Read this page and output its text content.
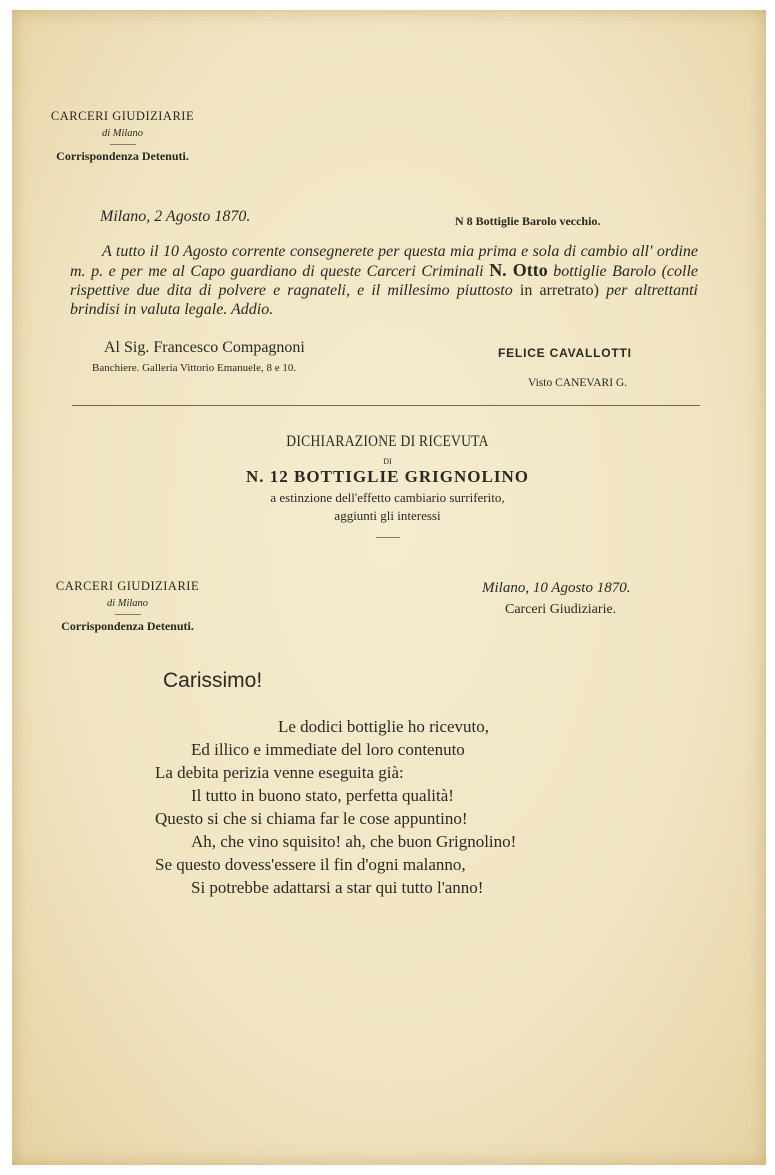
CARCERI GIUDIZIARIE
di Milano
Corrispondenza Detenuti.
Milano, 2 Agosto 1870.	N 8 Bottiglie Barolo vecchio.
A tutto il 10 Agosto corrente consegnerete per questa mia prima e sola di cambio all' ordine m. p. e per me al Capo guardiano di queste Carceri Criminali N. Otto bottiglie Barolo (colle rispettive due dita di polvere e ragnateli, e il millesimo piuttosto in arretrato) per altrettanti brindisi in valuta legale. Addio.
Al Sig. Francesco Compagnoni
Banchiere. Galleria Vittorio Emanuele, 8 e 10.
FELICE CAVALLOTTI
Visto CANEVARI G.
DICHIARAZIONE DI RICEVUTA
DI
N. 12 BOTTIGLIE GRIGNOLINO
a estinzione dell'effetto cambiario surriferito,
aggiunti gli interessi
CARCERI GIUDIZIARIE
di Milano
Corrispondenza Detenuti.
Milano, 10 Agosto 1870.
Carceri Giudiziarie.
Carissimo!
Le dodici bottiglie ho ricevuto,
Ed illico e immediate del loro contenuto
La debita perizia venne eseguita già:
Il tutto in buono stato, perfetta qualità!
Questo si che si chiama far le cose appuntino!
Ah, che vino squisito! ah, che buon Grignolino!
Se questo dovess'essere il fin d'ogni malanno,
Si potrebbe adattarsi a star qui tutto l'anno!
